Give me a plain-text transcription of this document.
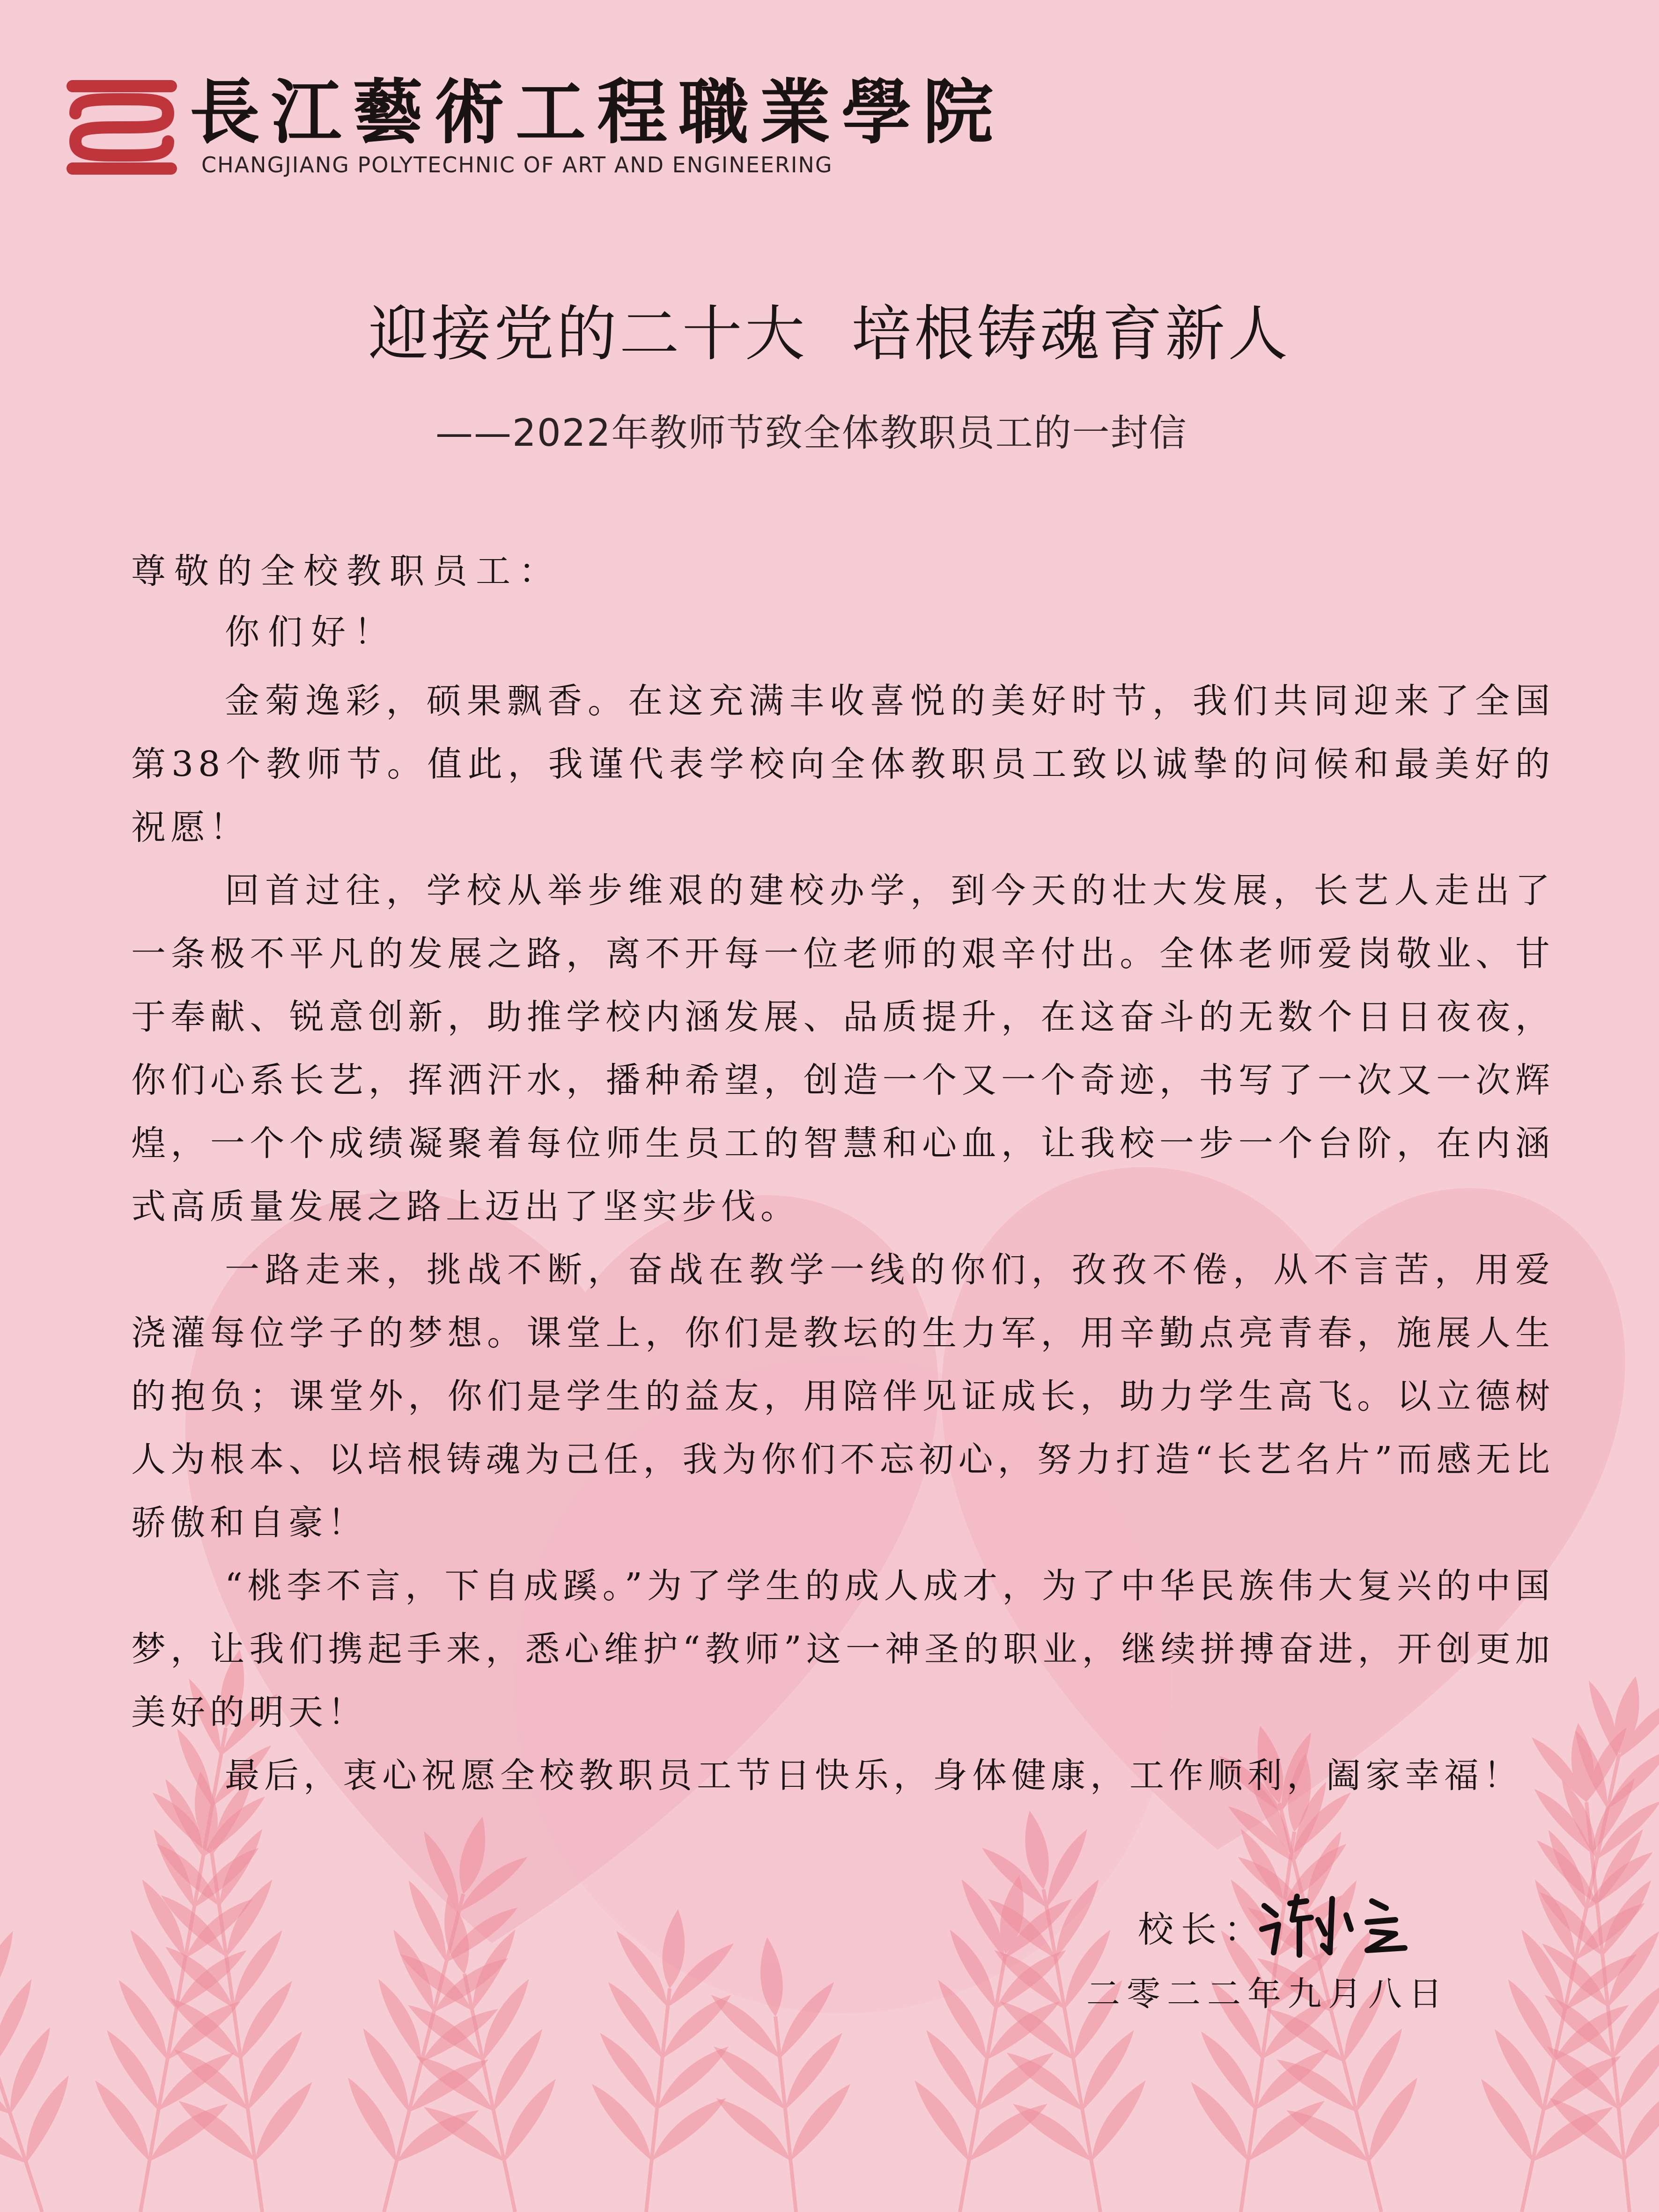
長江藝術工程職業學院
CHANGJIANG POLYTECHNIC OF ART AND ENGINEERING
迎接党的二十大  培根铸魂育新人
——2022年教师节致全体教职员工的一封信
尊敬的全校教职员工：
你们好！

金菊逸彩，硕果飘香。在这充满丰收喜悦的美好时节，我们共同迎来了全国第38个教师节。值此，我谨代表学校向全体教职员工致以诚挚的问候和最美好的祝愿！

回首过往，学校从举步维艰的建校办学，到今天的壮大发展，长艺人走出了一条极不平凡的发展之路，离不开每一位老师的艰辛付出。全体老师爱岗敬业、甘于奉献、锐意创新，助推学校内涵发展、品质提升，在这奋斗的无数个日日夜夜，你们心系长艺，挥洒汗水，播种希望，创造一个又一个奇迹，书写了一次又一次辉煌，一个个成绩凝聚着每位师生员工的智慧和心血，让我校一步一个台阶，在内涵式高质量发展之路上迈出了坚实步伐。

一路走来，挑战不断，奋战在教学一线的你们，孜孜不倦，从不言苦，用爱浇灌每位学子的梦想。课堂上，你们是教坛的生力军，用辛勤点亮青春，施展人生的抱负；课堂外，你们是学生的益友，用陪伴见证成长，助力学生高飞。以立德树人为根本、以培根铸魂为己任，我为你们不忘初心，努力打造“长艺名片”而感无比骄傲和自豪！

“桃李不言，下自成蹊。”为了学生的成人成才，为了中华民族伟大复兴的中国梦，让我们携起手来，悉心维护“教师”这一神圣的职业，继续拼搏奋进，开创更加美好的明天！

最后，衷心祝愿全校教职员工节日快乐，身体健康，工作顺利，阖家幸福！

校长：
二零二二年九月八日
